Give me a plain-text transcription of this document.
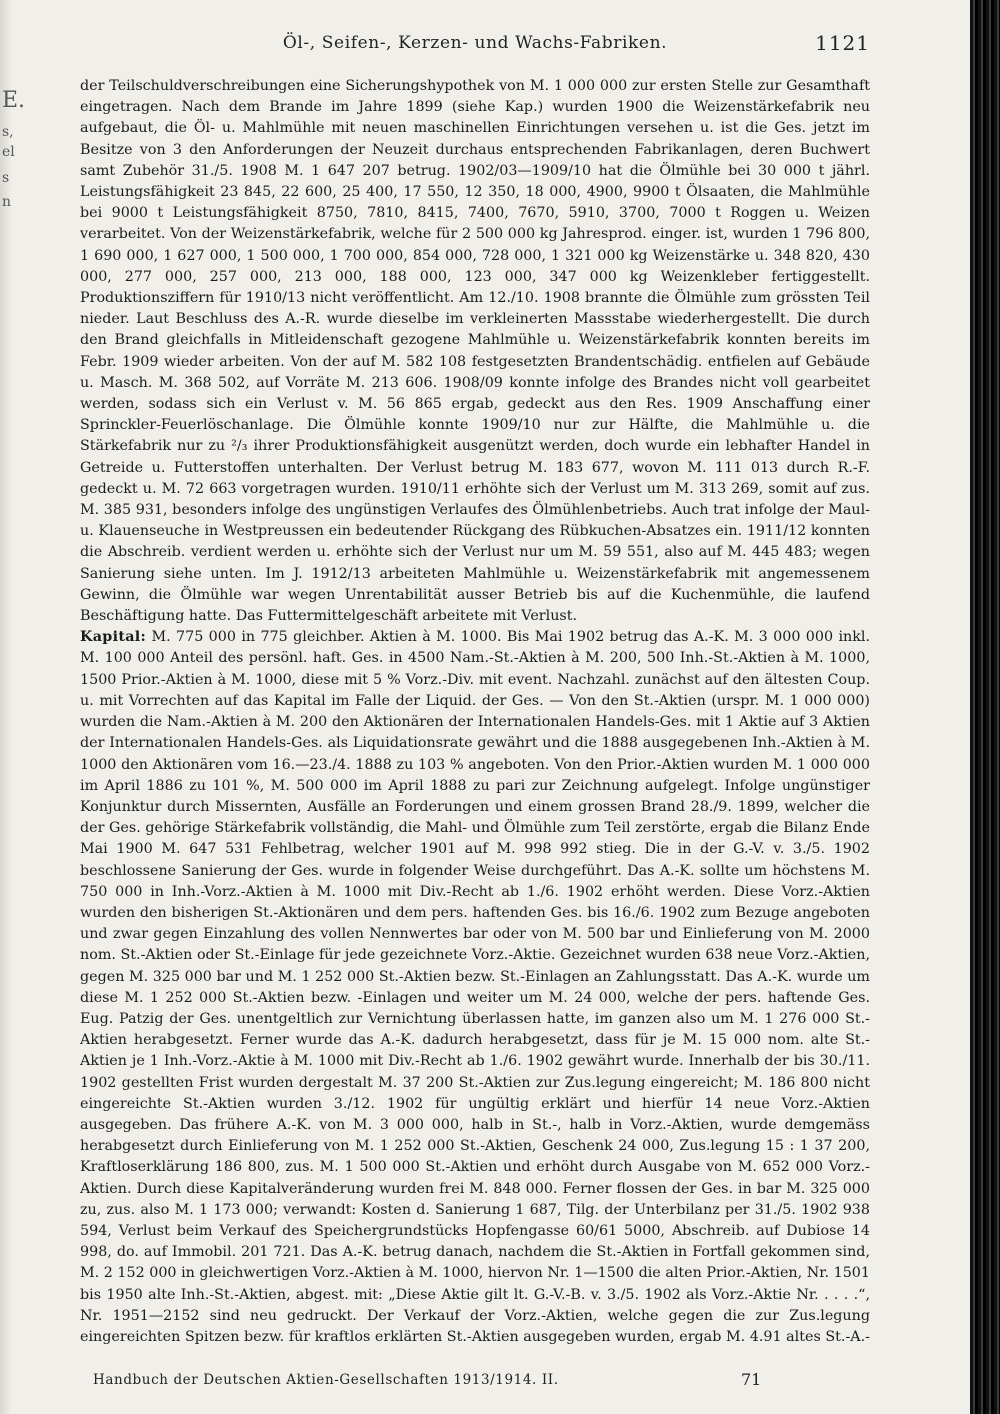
Öl-, Seifen-, Kerzen- und Wachs-Fabriken.	1121
E.
s,
el
s
n

der Teilschuldverschreibungen eine Sicherungshypothek von M. 1 000 000 zur ersten Stelle zur Gesamthaft eingetragen. Nach dem Brande im Jahre 1899 (siehe Kap.) wurden 1900 die Weizenstärkefabrik neu aufgebaut, die Öl- u. Mahlmühle mit neuen maschinellen Einrichtungen versehen u. ist die Ges. jetzt im Besitze von 3 den Anforderungen der Neuzeit durchaus entsprechenden Fabrikanlagen, deren Buchwert samt Zubehör 31./5. 1908 M. 1 647 207 betrug. 1902/03—1909/10 hat die Ölmühle bei 30 000 t jährl. Leistungsfähigkeit 23 845, 22 600, 25 400, 17 550, 12 350, 18 000, 4900, 9900 t Ölsaaten, die Mahlmühle bei 9000 t Leistungsfähigkeit 8750, 7810, 8415, 7400, 7670, 5910, 3700, 7000 t Roggen u. Weizen verarbeitet. Von der Weizenstärkefabrik, welche für 2 500 000 kg Jahresprod. einger. ist, wurden 1 796 800, 1 690 000, 1 627 000, 1 500 000, 1 700 000, 854 000, 728 000, 1 321 000 kg Weizenstärke u. 348 820, 430 000, 277 000, 257 000, 213 000, 188 000, 123 000, 347 000 kg Weizenkleber fertiggestellt. Produktionsziffern für 1910/13 nicht veröffentlicht. Am 12./10. 1908 brannte die Ölmühle zum grössten Teil nieder. Laut Beschluss des A.-R. wurde dieselbe im verkleinerten Massstabe wiederhergestellt. Die durch den Brand gleichfalls in Mitleidenschaft gezogene Mahlmühle u. Weizenstärkefabrik konnten bereits im Febr. 1909 wieder arbeiten. Von der auf M. 582 108 festgesetzten Brandentschädig. entfielen auf Gebäude u. Masch. M. 368 502, auf Vorräte M. 213 606. 1908/09 konnte infolge des Brandes nicht voll gearbeitet werden, sodass sich ein Verlust v. M. 56 865 ergab, gedeckt aus den Res. 1909 Anschaffung einer Sprinckler-Feuerlöschanlage. Die Ölmühle konnte 1909/10 nur zur Hälfte, die Mahlmühle u. die Stärkefabrik nur zu ²/₃ ihrer Produktionsfähigkeit ausgenützt werden, doch wurde ein lebhafter Handel in Getreide u. Futterstoffen unterhalten. Der Verlust betrug M. 183 677, wovon M. 111 013 durch R.-F. gedeckt u. M. 72 663 vorgetragen wurden. 1910/11 erhöhte sich der Verlust um M. 313 269, somit auf zus. M. 385 931, besonders infolge des ungünstigen Verlaufes des Ölmühlenbetriebs. Auch trat infolge der Maul- u. Klauenseuche in Westpreussen ein bedeutender Rückgang des Rübkuchen-Absatzes ein. 1911/12 konnten die Abschreib. verdient werden u. erhöhte sich der Verlust nur um M. 59 551, also auf M. 445 483; wegen Sanierung siehe unten. Im J. 1912/13 arbeiteten Mahlmühle u. Weizenstärkefabrik mit angemessenem Gewinn, die Ölmühle war wegen Unrentabilität ausser Betrieb bis auf die Kuchenmühle, die laufend Beschäftigung hatte. Das Futtermittelgeschäft arbeitete mit Verlust.

Kapital: M. 775 000 in 775 gleichber. Aktien à M. 1000. Bis Mai 1902 betrug das A.-K. M. 3 000 000 inkl. M. 100 000 Anteil des persönl. haft. Ges. in 4500 Nam.-St.-Aktien à M. 200, 500 Inh.-St.-Aktien à M. 1000, 1500 Prior.-Aktien à M. 1000, diese mit 5 % Vorz.-Div. mit event. Nachzahl. zunächst auf den ältesten Coup. u. mit Vorrechten auf das Kapital im Falle der Liquid. der Ges. — Von den St.-Aktien (urspr. M. 1 000 000) wurden die Nam.-Aktien à M. 200 den Aktionären der Internationalen Handels-Ges. mit 1 Aktie auf 3 Aktien der Internationalen Handels-Ges. als Liquidationsrate gewährt und die 1888 ausgegebenen Inh.-Aktien à M. 1000 den Aktionären vom 16.—23./4. 1888 zu 103 % angeboten. Von den Prior.-Aktien wurden M. 1 000 000 im April 1886 zu 101 %, M. 500 000 im April 1888 zu pari zur Zeichnung aufgelegt. Infolge ungünstiger Konjunktur durch Missernten, Ausfälle an Forderungen und einem grossen Brand 28./9. 1899, welcher die der Ges. gehörige Stärkefabrik vollständig, die Mahl- und Ölmühle zum Teil zerstörte, ergab die Bilanz Ende Mai 1900 M. 647 531 Fehlbetrag, welcher 1901 auf M. 998 992 stieg. Die in der G.-V. v. 3./5. 1902 beschlossene Sanierung der Ges. wurde in folgender Weise durchgeführt. Das A.-K. sollte um höchstens M. 750 000 in Inh.-Vorz.-Aktien à M. 1000 mit Div.-Recht ab 1./6. 1902 erhöht werden. Diese Vorz.-Aktien wurden den bisherigen St.-Aktionären und dem pers. haftenden Ges. bis 16./6. 1902 zum Bezuge angeboten und zwar gegen Einzahlung des vollen Nennwertes bar oder von M. 500 bar und Einlieferung von M. 2000 nom. St.-Aktien oder St.-Einlage für jede gezeichnete Vorz.-Aktie. Gezeichnet wurden 638 neue Vorz.-Aktien, gegen M. 325 000 bar und M. 1 252 000 St.-Aktien bezw. St.-Einlagen an Zahlungsstatt. Das A.-K. wurde um diese M. 1 252 000 St.-Aktien bezw. -Einlagen und weiter um M. 24 000, welche der pers. haftende Ges. Eug. Patzig der Ges. unentgeltlich zur Vernichtung überlassen hatte, im ganzen also um M. 1 276 000 St.-Aktien herabgesetzt. Ferner wurde das A.-K. dadurch herabgesetzt, dass für je M. 15 000 nom. alte St.-Aktien je 1 Inh.-Vorz.-Aktie à M. 1000 mit Div.-Recht ab 1./6. 1902 gewährt wurde. Innerhalb der bis 30./11. 1902 gestellten Frist wurden dergestalt M. 37 200 St.-Aktien zur Zus.legung eingereicht; M. 186 800 nicht eingereichte St.-Aktien wurden 3./12. 1902 für ungültig erklärt und hierfür 14 neue Vorz.-Aktien ausgegeben. Das frühere A.-K. von M. 3 000 000, halb in St.-, halb in Vorz.-Aktien, wurde demgemäss herabgesetzt durch Einlieferung von M. 1 252 000 St.-Aktien, Geschenk 24 000, Zus.legung 15 : 1 37 200, Kraftloserklärung 186 800, zus. M. 1 500 000 St.-Aktien und erhöht durch Ausgabe von M. 652 000 Vorz.-Aktien. Durch diese Kapitalveränderung wurden frei M. 848 000. Ferner flossen der Ges. in bar M. 325 000 zu, zus. also M. 1 173 000; verwandt: Kosten d. Sanierung 1 687, Tilg. der Unterbilanz per 31./5. 1902 938 594, Verlust beim Verkauf des Speichergrundstücks Hopfengasse 60/61 5000, Abschreib. auf Dubiose 14 998, do. auf Immobil. 201 721. Das A.-K. betrug danach, nachdem die St.-Aktien in Fortfall gekommen sind, M. 2 152 000 in gleichwertigen Vorz.-Aktien à M. 1000, hiervon Nr. 1—1500 die alten Prior.-Aktien, Nr. 1501 bis 1950 alte Inh.-St.-Aktien, abgest. mit: „Diese Aktie gilt lt. G.-V.-B. v. 3./5. 1902 als Vorz.-Aktie Nr. . . . .“, Nr. 1951—2152 sind neu gedruckt. Der Verkauf der Vorz.-Aktien, welche gegen die zur Zus.legung eingereichten Spitzen bezw. für kraftlos erklärten St.-Aktien ausgegeben wurden, ergab M. 4.91 altes St.-A.-

Handbuch der Deutschen Aktien-Gesellschaften 1913/1914. II.	71
